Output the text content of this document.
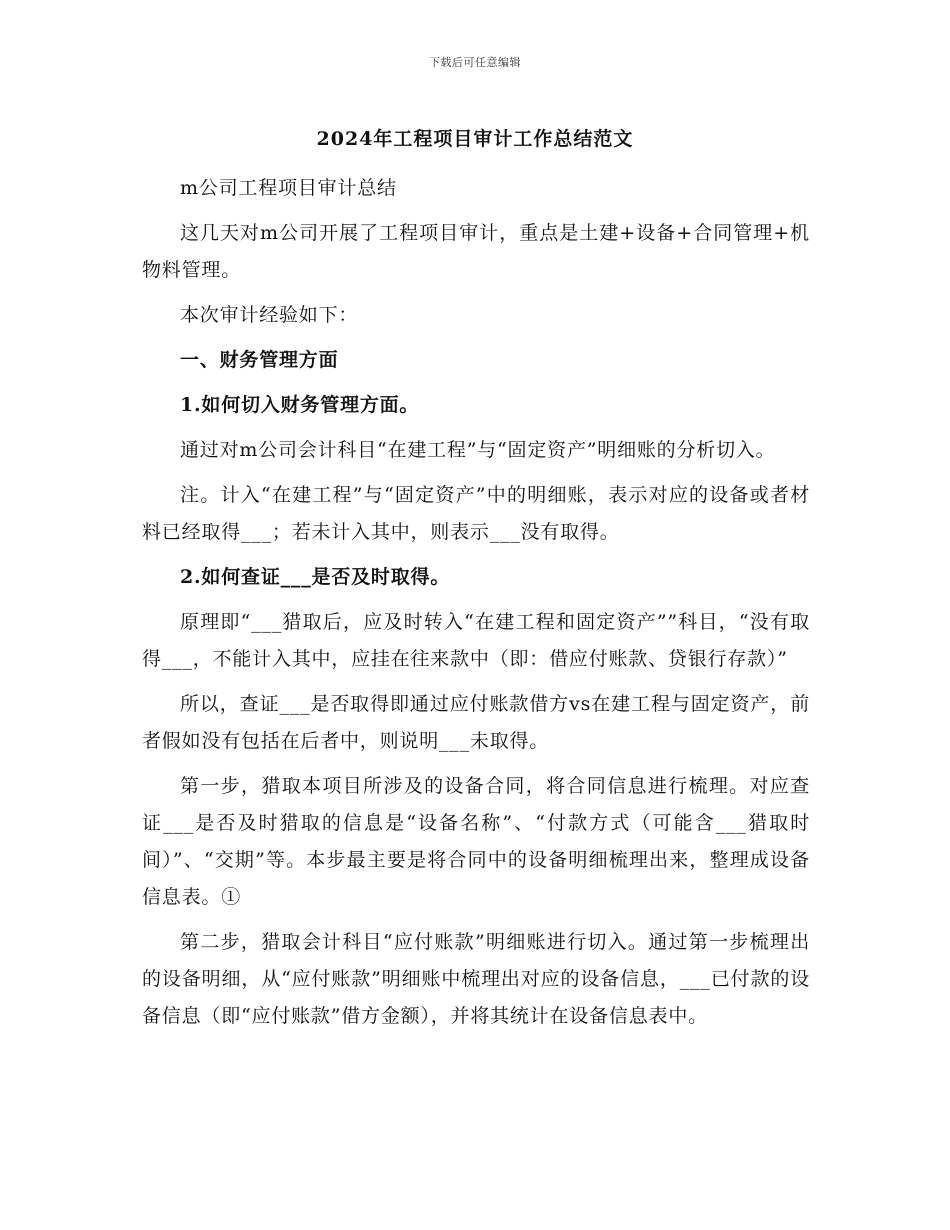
下载后可任意编辑
2024年工程项目审计工作总结范文

m公司工程项目审计总结

这几天对m公司开展了工程项目审计，重点是土建+设备+合同管理+机物料管理。

本次审计经验如下：

一、财务管理方面

1.如何切入财务管理方面。

通过对m公司会计科目“在建工程”与“固定资产”明细账的分析切入。

注。计入“在建工程”与“固定资产”中的明细账，表示对应的设备或者材料已经取得___；若未计入其中，则表示___没有取得。

2.如何查证___是否及时取得。

原理即“___猎取后，应及时转入“在建工程和固定资产””科目，“没有取得___，不能计入其中，应挂在往来款中（即：借应付账款、贷银行存款）”

所以，查证___是否取得即通过应付账款借方vs在建工程与固定资产，前者假如没有包括在后者中，则说明___未取得。

第一步，猎取本项目所涉及的设备合同，将合同信息进行梳理。对应查证___是否及时猎取的信息是“设备名称”、“付款方式（可能含___猎取时间）”、“交期”等。本步最主要是将合同中的设备明细梳理出来，整理成设备信息表。①

第二步，猎取会计科目“应付账款”明细账进行切入。通过第一步梳理出的设备明细，从“应付账款”明细账中梳理出对应的设备信息，___已付款的设备信息（即“应付账款”借方金额），并将其统计在设备信息表中。
